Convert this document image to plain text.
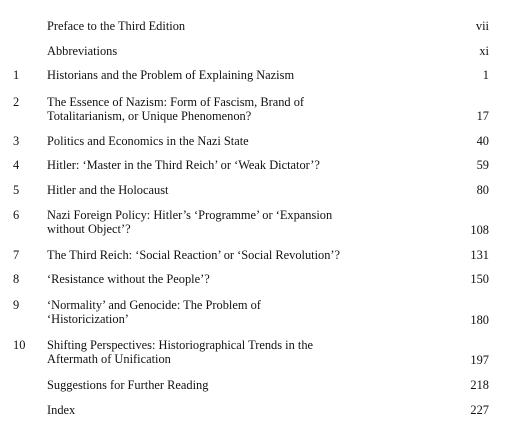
Preface to the Third Edition	vii
Abbreviations	xi
1	Historians and the Problem of Explaining Nazism	1
2	The Essence of Nazism: Form of Fascism, Brand of
Totalitarianism, or Unique Phenomenon?	17
3	Politics and Economics in the Nazi State	40
4	Hitler: ‘Master in the Third Reich’ or ‘Weak Dictator’?	59
5	Hitler and the Holocaust	80
6	Nazi Foreign Policy: Hitler’s ‘Programme’ or ‘Expansion
without Object’?	108
7	The Third Reich: ‘Social Reaction’ or ‘Social Revolution’?	131
8	‘Resistance without the People’?	150
9	‘Normality’ and Genocide: The Problem of
‘Historicization’	180
10	Shifting Perspectives: Historiographical Trends in the
Aftermath of Unification	197
Suggestions for Further Reading	218
Index	227
